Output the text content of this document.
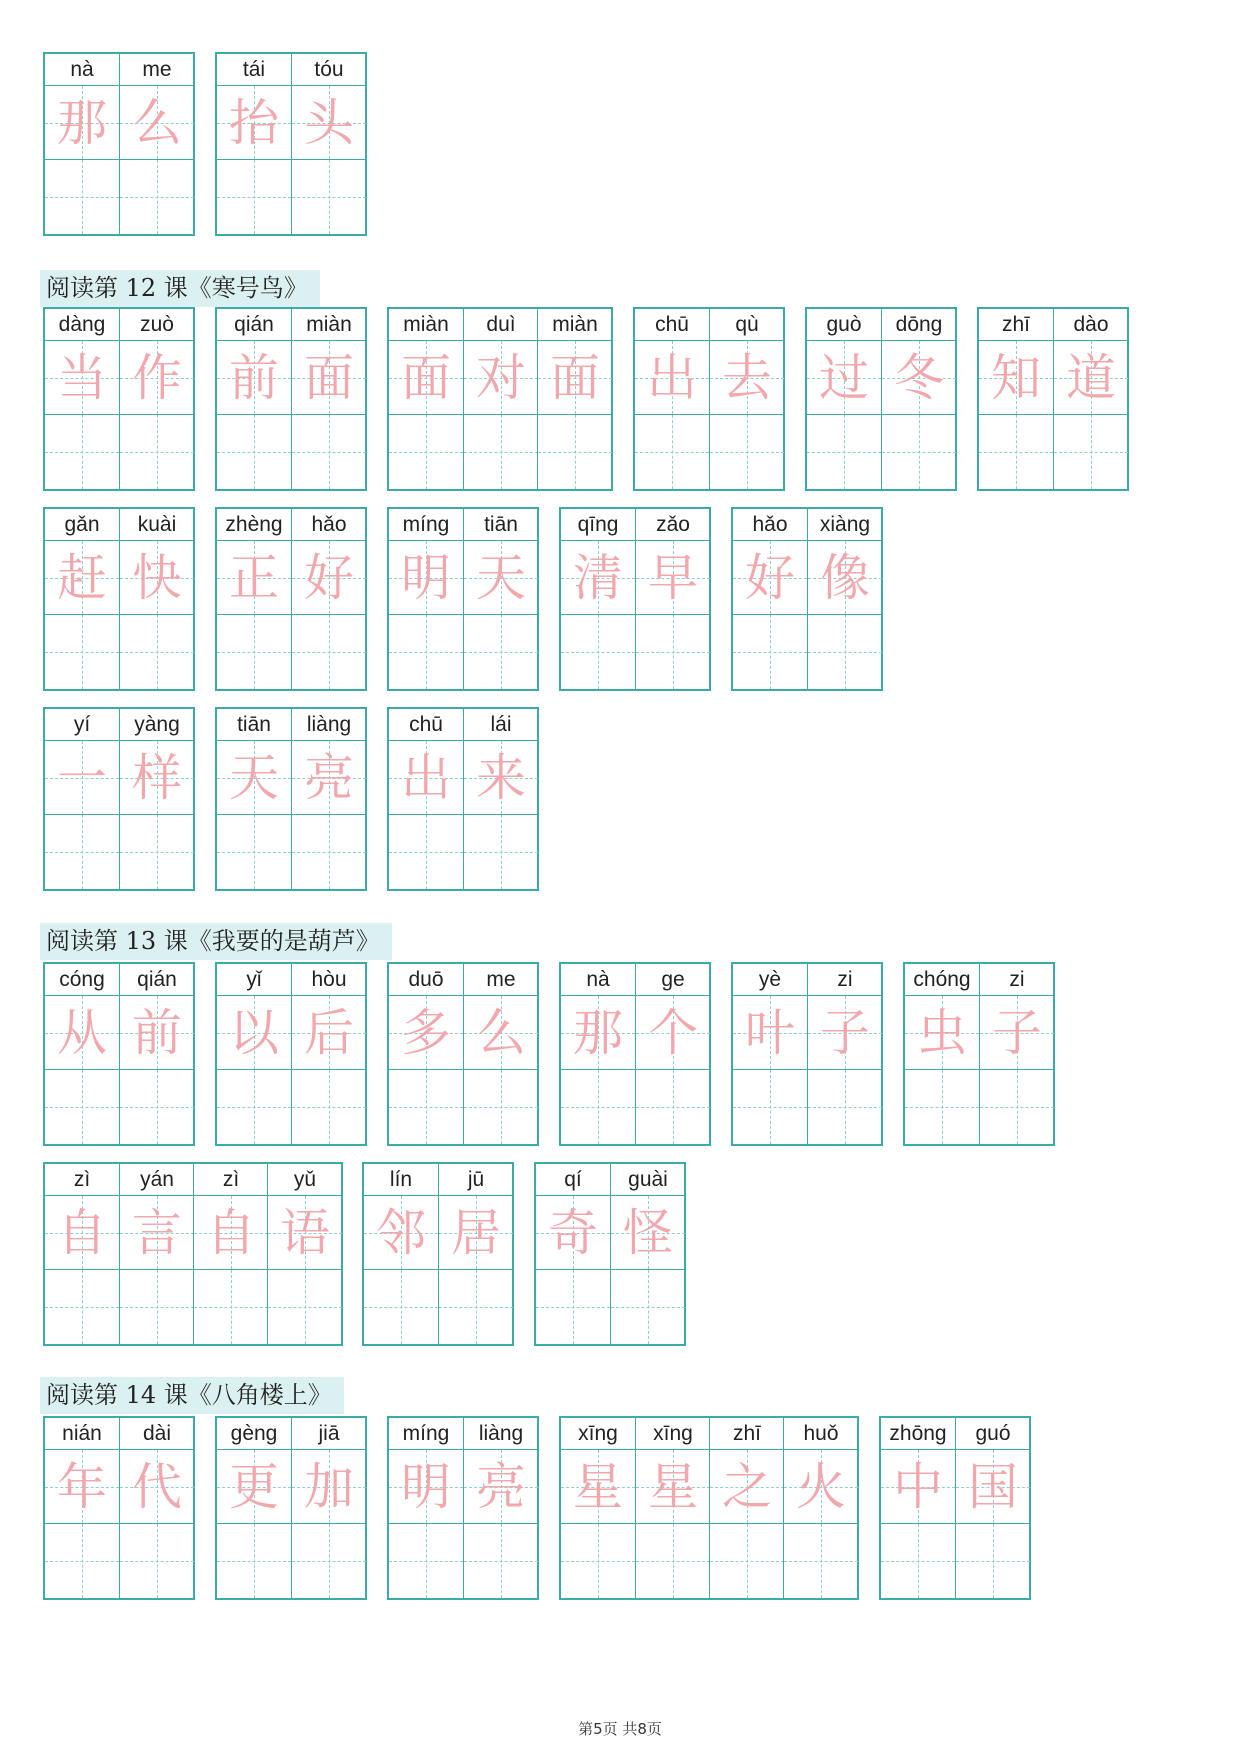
阅读第 12 课《寒号鸟》
阅读第 13 课《我要的是葫芦》
阅读第 14 课《八角楼上》
nà
那
me
么
tái
抬
tóu
头
dàng
当
zuò
作
qián
前
miàn
面
miàn
面
duì
对
miàn
面
chū
出
qù
去
guò
过
dōng
冬
zhī
知
dào
道
gǎn
赶
kuài
快
zhèng
正
hǎo
好
míng
明
tiān
天
qīng
清
zǎo
早
hǎo
好
xiàng
像
yí
一
yàng
样
tiān
天
liàng
亮
chū
出
lái
来
cóng
从
qián
前
yǐ
以
hòu
后
duō
多
me
么
nà
那
ge
个
yè
叶
zi
子
chóng
虫
zi
子
zì
自
yán
言
zì
自
yǔ
语
lín
邻
jū
居
qí
奇
guài
怪
nián
年
dài
代
gèng
更
jiā
加
míng
明
liàng
亮
xīng
星
xīng
星
zhī
之
huǒ
火
zhōng
中
guó
国
第5页 共8页
